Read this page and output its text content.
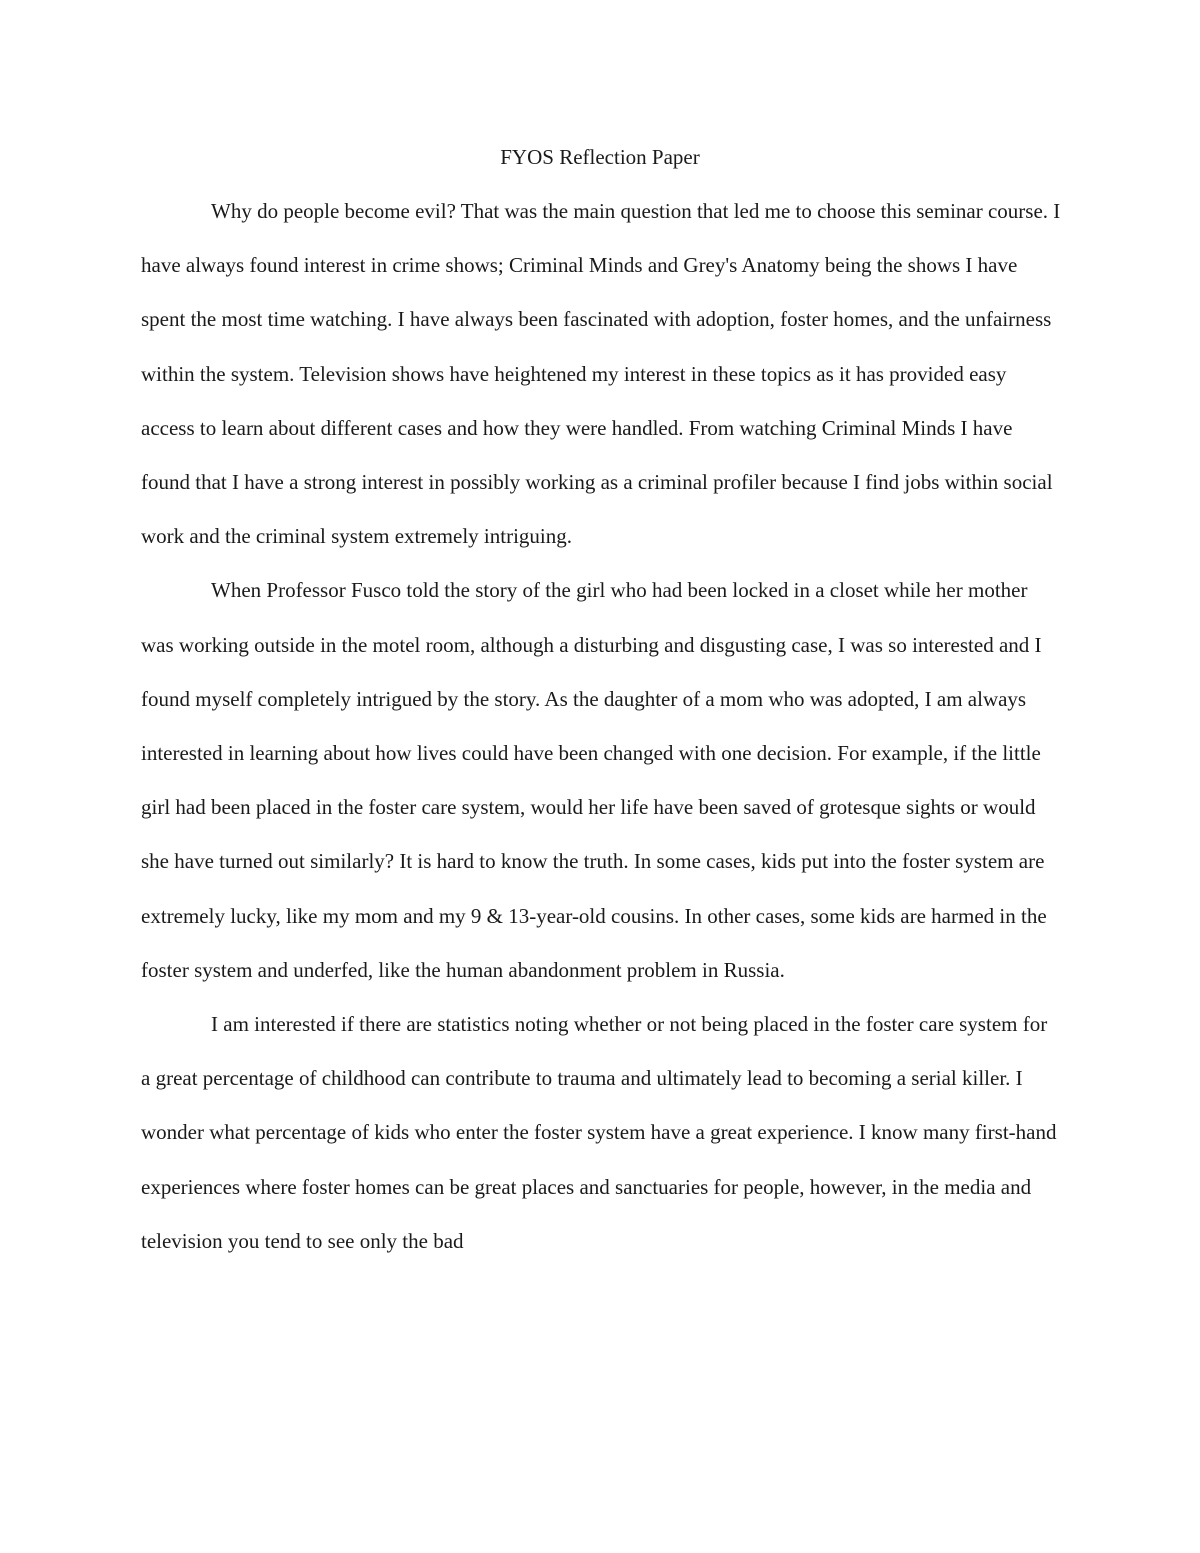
FYOS Reflection Paper

Why do people become evil? That was the main question that led me to choose this seminar course. I have always found interest in crime shows; Criminal Minds and Grey's Anatomy being the shows I have spent the most time watching. I have always been fascinated with adoption, foster homes, and the unfairness within the system. Television shows have heightened my interest in these topics as it has provided easy access to learn about different cases and how they were handled. From watching Criminal Minds I have found that I have a strong interest in possibly working as a criminal profiler because I find jobs within social work and the criminal system extremely intriguing.

When Professor Fusco told the story of the girl who had been locked in a closet while her mother was working outside in the motel room, although a disturbing and disgusting case, I was so interested and I found myself completely intrigued by the story. As the daughter of a mom who was adopted, I am always interested in learning about how lives could have been changed with one decision. For example, if the little girl had been placed in the foster care system, would her life have been saved of grotesque sights or would she have turned out similarly? It is hard to know the truth. In some cases, kids put into the foster system are extremely lucky, like my mom and my 9 & 13-year-old cousins. In other cases, some kids are harmed in the foster system and underfed, like the human abandonment problem in Russia.

I am interested if there are statistics noting whether or not being placed in the foster care system for a great percentage of childhood can contribute to trauma and ultimately lead to becoming a serial killer. I wonder what percentage of kids who enter the foster system have a great experience. I know many first-hand experiences where foster homes can be great places and sanctuaries for people, however, in the media and television you tend to see only the bad
